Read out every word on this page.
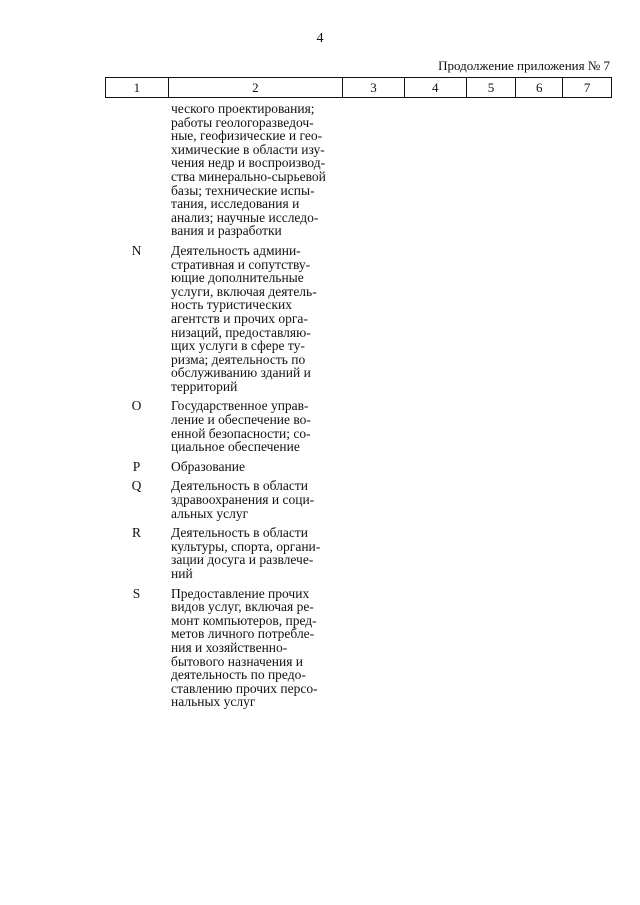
4
Продолжение приложения № 7
1	2	3	4	5	6	7
ческого проектирования;
работы геологоразведоч-
ные, геофизические и гео-
химические в области изу-
чения недр и воспроизвод-
ства минерально-сырьевой
базы; технические испы-
тания, исследования и
анализ; научные исследо-
вания и разработки
N	Деятельность админи-
стративная и сопутству-
ющие дополнительные
услуги, включая деятель-
ность туристических
агентств и прочих орга-
низаций, предоставляю-
щих услуги в сфере ту-
ризма; деятельность по
обслуживанию зданий и
территорий
O	Государственное управ-
ление и обеспечение во-
енной безопасности; со-
циальное обеспечение
P	Образование
Q	Деятельность в области
здравоохранения и соци-
альных услуг
R	Деятельность в области
культуры, спорта, органи-
зации досуга и развлече-
ний
S	Предоставление прочих
видов услуг, включая ре-
монт компьютеров, пред-
метов личного потребле-
ния и хозяйственно-
бытового назначения и
деятельность по предо-
ставлению прочих персо-
нальных услуг
